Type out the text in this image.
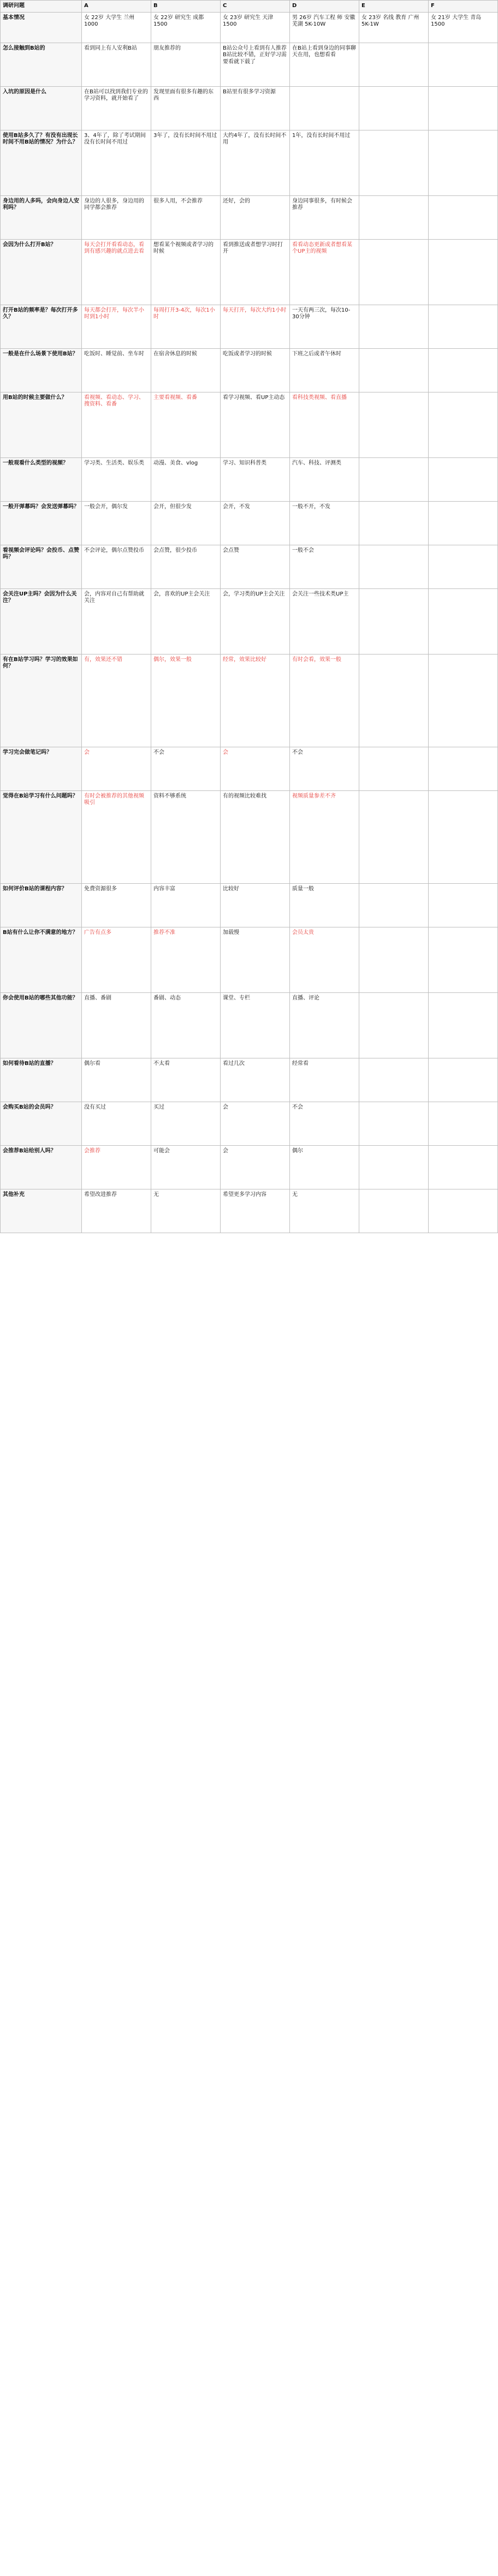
调研问题	A	B	C	D	E	F
基本情况	女 22岁 大学生 兰州 1000	女 22岁 研究生 成都 1500	女 23岁 研究生 天津 1500	男 26岁 汽车工程 师 安徽 芜湖 5K-10W	女 23岁 名线 教育 广州 5K-1W	女 21岁 大学生 青岛 1500
怎么接触到B站的	看到同上有人安利B站	朋友推荐的	B站公众号上看到有人推荐B站比较不错，正好学习需要看就下载了	在B站上看到身边的同事聊天在用，也想看看		
入坑的原因是什么	在B站可以找到我们专业的学习资料，就开始看了	发现里面有很多有趣的东西	B站里有很多学习资源			
使用B站多久了？有没有出现长时间不用B站的情况？为什么？	3、4年了，除了考试期间没有长时间不用过	3年了，没有长时间不用过	大约4年了，没有长时间不用	1年，没有长时间不用过		
身边用的人多吗，会向身边人安利吗？	身边的人很多，身边用的同学都会推荐	很多人用，不会推荐	还好，会的	身边同事很多，有时候会推荐		
会因为什么打开B站？	每天会打开看看动态，看到有感兴趣的就点进去看	想看某个视频或者学习的时候	看到推送或者想学习时打开	看看动态更新或者想看某个UP主的视频		
打开B站的频率是？每次打开多久？	每天都会打开，每次半小时到1小时	每周打开3-4次，每次1小时	每天打开，每次大约1小时	一天有两三次，每次10-30分钟		
一般是在什么场景下使用B站？	吃饭时、睡觉前、坐车时	在宿舍休息的时候	吃饭或者学习的时候	下班之后或者午休时		
用B站的时候主要做什么？	看视频、看动态、学习、搜资料、看番	主要看视频、看番	看学习视频、看UP主动态	看科技类视频、看直播		
一般观看什么类型的视频？	学习类、生活类、娱乐类	动漫、美食、vlog	学习、知识科普类	汽车、科技、评测类		
一般开弹幕吗？会发送弹幕吗？	一般会开，偶尔发	会开，但很少发	会开，不发	一般不开，不发		
看视频会评论吗？会投币、点赞吗？	不会评论，偶尔点赞投币	会点赞，很少投币	会点赞	一般不会		
会关注UP主吗？会因为什么关注？	会，内容对自己有帮助就关注	会，喜欢的UP主会关注	会，学习类的UP主会关注	会关注一些技术类UP主		
有在B站学习吗？学习的效果如何？	有，效果还不错	偶尔，效果一般	经常，效果比较好	有时会看，效果一般		
学习完会做笔记吗？	会	不会	会	不会		
觉得在B站学习有什么问题吗？	有时会被推荐的其他视频吸引	资料不够系统	有的视频比较难找	视频质量参差不齐		
如何评价B站的课程内容？	免费资源很多	内容丰富	比较好	质量一般		
B站有什么让你不满意的地方？	广告有点多	推荐不准	加载慢	会员太贵		
你会使用B站的哪些其他功能？	直播、番剧	番剧、动态	课堂、专栏	直播、评论		
如何看待B站的直播？	偶尔看	不太看	看过几次	经常看		
会购买B站的会员吗？	没有买过	买过	会	不会		
会推荐B站给别人吗？	会推荐	可能会	会	偶尔		
其他补充	希望改进推荐	无	希望更多学习内容	无		
